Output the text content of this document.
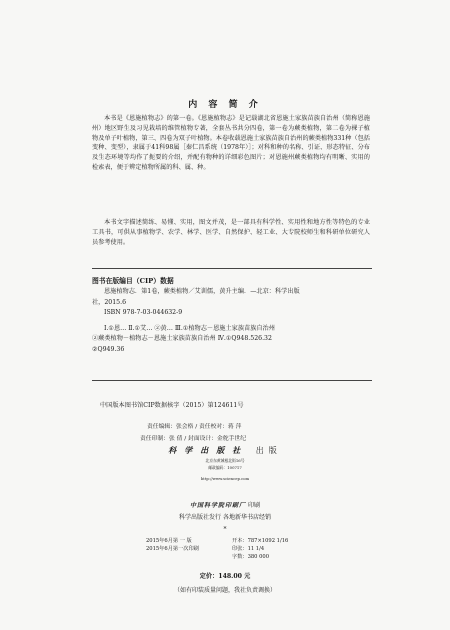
内 容 简 介

本书是《恩施植物志》的第一卷。《恩施植物志》是记载湖北省恩施土家族苗族自治州（简称恩施州）地区野生及习见栽培的维管植物专著，全套丛书共分四卷，第一卷为蕨类植物，第二卷为裸子植物及单子叶植物，第三、四卷为双子叶植物。本卷收载恩施土家族苗族自治州的蕨类植物331种（包括变种、变型），隶属于41科98属［秦仁昌系统（1978年）］；对科和种的名称、引证、形态特征、分布及生态环境等均作了扼要的介绍，并配有物种的详细彩色图片；对恩施州蕨类植物均有明晰、实用的检索表，便于辨定植物所属的科、属、种。

本书文字描述简练、易懂、实用，图文并茂，是一部具有科学性、实用性和地方性等特色的专业工具书，可供从事植物学、农学、林学、医学、自然保护、轻工业、大专院校师生和科研单位研究人员参考使用。

图书在版编目（CIP）数据
恩施植物志．第1卷，蕨类植物／艾训儒，黄升主编．—北京：科学出版
社，2015.6
ISBN 978-7-03-044632-9
Ⅰ.①恩… Ⅱ.①艾… ②黄… Ⅲ.①植物志－恩施土家族苗族自治州
②蕨类植物－植物志－恩施土家族苗族自治州 Ⅳ.①Q948.526.32
②Q949.36
中国版本图书馆CIP数据核字（2015）第124611号
责任编辑：张会格 / 责任校对：蒋 萍
责任印制：张 倩 / 封面设计：金舵手世纪
科学出版社 出版
北京东黄城根北街16号
邮政编码：100717
http://www.sciencep.com
中国科学院印刷厂 印刷
科学出版社发行 各地新华书店经销
*
2015年6月第 一 版	开本：787×1092 1/16
2015年6月第一次印刷	印张：11 1/4
字数：380 000
定价：148.00 元
（如有印装质量问题，我社负责调换）
